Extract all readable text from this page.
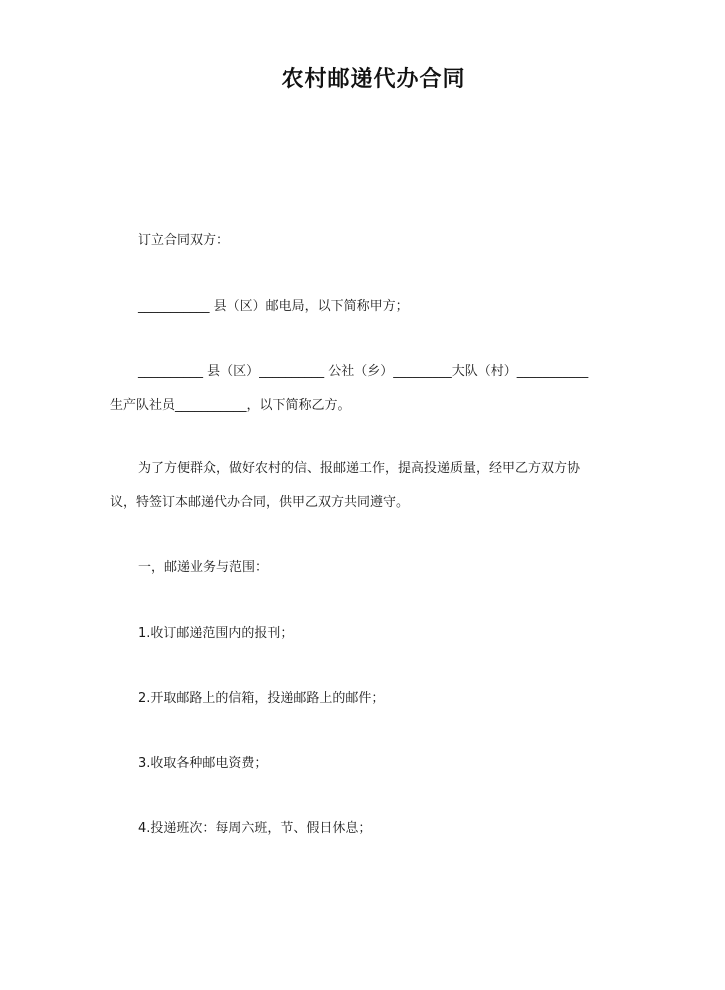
农村邮递代办合同
订立合同双方：
___________ 县（区）邮电局，以下简称甲方；
__________ 县（区）__________ 公社（乡）_________大队（村）___________
生产队社员___________，以下简称乙方。
为了方便群众，做好农村的信、报邮递工作，提高投递质量，经甲乙方双方协
议，特签订本邮递代办合同，供甲乙双方共同遵守。
一，邮递业务与范围：
1.收订邮递范围内的报刊；
2.开取邮路上的信箱，投递邮路上的邮件；
3.收取各种邮电资费；
4.投递班次：每周六班，节、假日休息；
